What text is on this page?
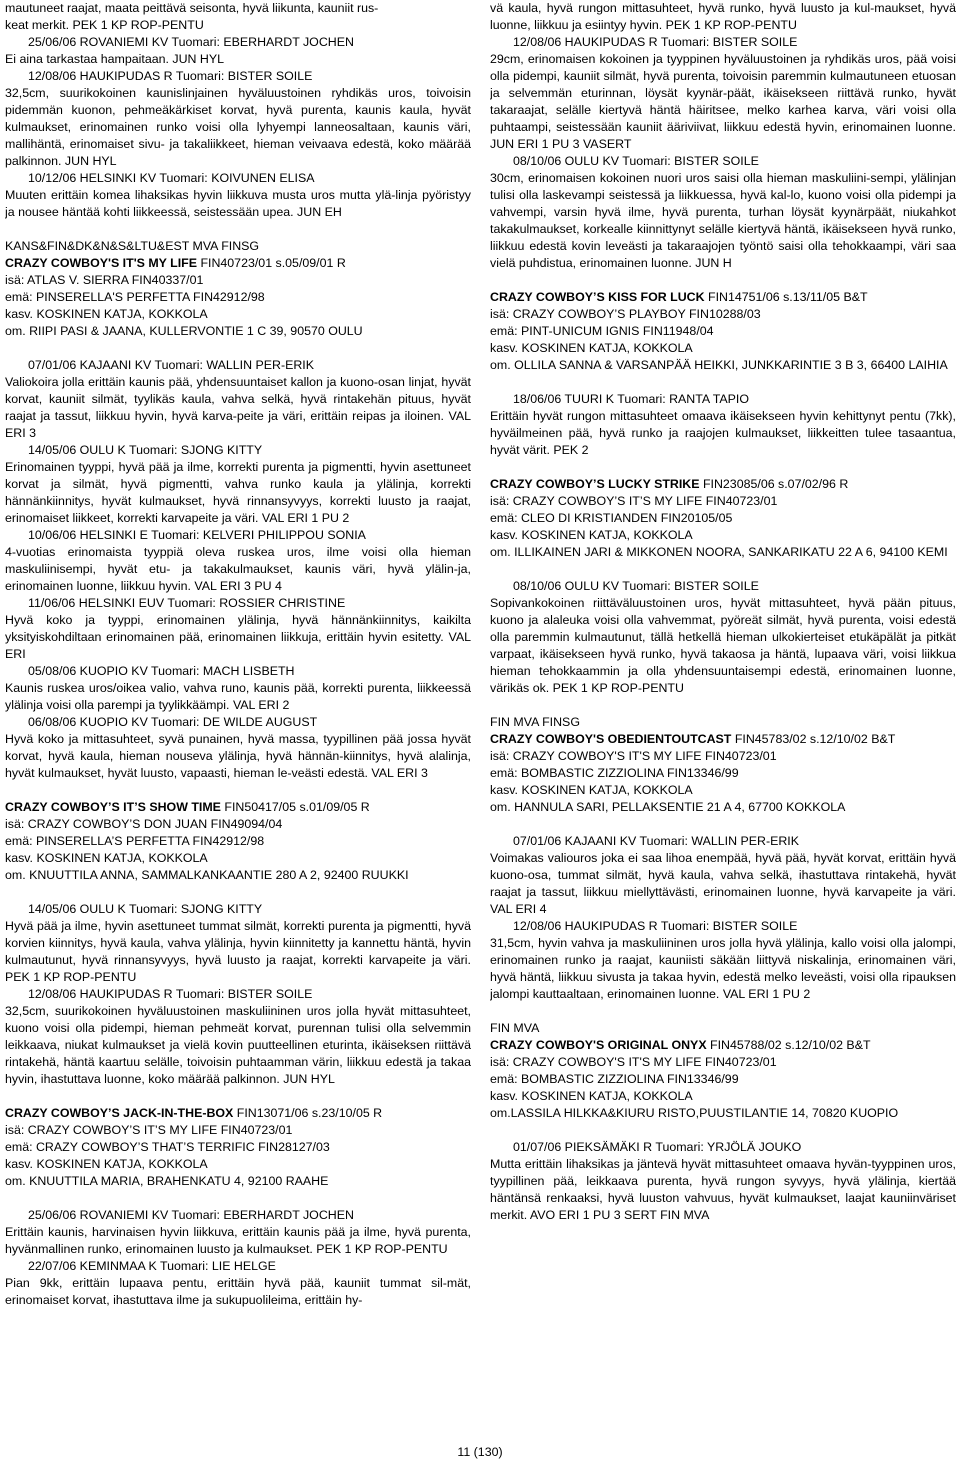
mautuneet raajat, maata peittävä seisonta, hyvä liikunta, kauniit rus-

keat merkit. PEK 1 KP ROP-PENTU

25/06/06 ROVANIEMI KV Tuomari: EBERHARDT JOCHEN

Ei aina tarkastaa hampaitaan. JUN HYL

12/08/06 HAUKIPUDAS R Tuomari: BISTER SOILE

32,5cm, suurikokoinen kaunislinjainen hyväluustoinen ryhdikäs uros, toivoisin pidemmän kuonon, pehmeäkärkiset korvat, hyvä purenta, kaunis kaula, hyvät kulmaukset, erinomainen runko voisi olla lyhyempi lanneosaltaan, kaunis väri, mallihäntä, erinomaiset sivu- ja takaliikkeet, hieman veivaava edestä, koko määrää palkinnon. JUN HYL

10/12/06 HELSINKI KV Tuomari: KOIVUNEN ELISA

Muuten erittäin komea lihaksikas hyvin liikkuva musta uros mutta ylä-linja pyöristyy ja nousee häntää kohti liikkeessä, seistessään upea. JUN EH

KANS&FIN&DK&N&S&LTU&EST MVA FINSG

CRAZY COWBOY'S IT'S MY LIFE FIN40723/01 s.05/09/01 R

isä: ATLAS V. SIERRA FIN40337/01

emä: PINSERELLA'S PERFETTA FIN42912/98

kasv. KOSKINEN KATJA, KOKKOLA

om. RIIPI PASI & JAANA, KULLERVONTIE 1 C 39, 90570 OULU

07/01/06 KAJAANI KV Tuomari: WALLIN PER-ERIK

Valiokoira jolla erittäin kaunis pää, yhdensuuntaiset kallon ja kuono-osan linjat, hyvät korvat, kauniit silmät, tyylikäs kaula, vahva selkä, hyvä rintakehän pituus, hyvät raajat ja tassut, liikkuu hyvin, hyvä karva-peite ja väri, erittäin reipas ja iloinen. VAL ERI 3

14/05/06 OULU K Tuomari: SJONG KITTY

Erinomainen tyyppi, hyvä pää ja ilme, korrekti purenta ja pigmentti, hyvin asettuneet korvat ja silmät, hyvä pigmentti, vahva runko kaula ja ylälinja, korrekti hännänkiinnitys, hyvät kulmaukset, hyvä rinnansyvyys, korrekti luusto ja raajat, erinomaiset liikkeet, korrekti karvapeite ja väri. VAL ERI 1 PU 2

10/06/06 HELSINKI E Tuomari: KELVERI PHILIPPOU SONIA

4-vuotias erinomaista tyyppiä oleva ruskea uros, ilme voisi olla hieman maskuliinisempi, hyvät etu- ja takakulmaukset, kaunis väri, hyvä ylälin-ja, erinomainen luonne, liikkuu hyvin. VAL ERI 3 PU 4

11/06/06 HELSINKI EUV Tuomari: ROSSIER CHRISTINE

Hyvä koko ja tyyppi, erinomainen ylälinja, hyvä hännänkiinnitys, kaikilta yksityiskohdiltaan erinomainen pää, erinomainen liikkuja, erittäin hyvin esitetty. VAL ERI

05/08/06 KUOPIO KV Tuomari: MACH LISBETH

Kaunis ruskea uros/oikea valio, vahva runo, kaunis pää, korrekti purenta, liikkeessä ylälinja voisi olla parempi ja tyylikkäämpi. VAL ERI 2

06/08/06 KUOPIO KV Tuomari: DE WILDE AUGUST

Hyvä koko ja mittasuhteet, syvä punainen, hyvä massa, tyypillinen pää jossa hyvät korvat, hyvä kaula, hieman nouseva ylälinja, hyvä hännän-kiinnitys, hyvä alalinja, hyvät kulmaukset, hyvät luusto, vapaasti, hieman le-veästi edestä. VAL ERI 3

CRAZY COWBOY’S IT’S SHOW TIME FIN50417/05 s.01/09/05 R

isä: CRAZY COWBOY’S DON JUAN FIN49094/04

emä: PINSERELLA’S PERFETTA FIN42912/98

kasv. KOSKINEN KATJA, KOKKOLA

om. KNUUTTILA ANNA, SAMMALKANKAANTIE 280 A 2, 92400 RUUKKI

14/05/06 OULU K Tuomari: SJONG KITTY

Hyvä pää ja ilme, hyvin asettuneet tummat silmät, korrekti purenta ja pigmentti, hyvä korvien kiinnitys, hyvä kaula, vahva ylälinja, hyvin kiinnitetty ja kannettu häntä, hyvin kulmautunut, hyvä rinnansyvyys, hyvä luusto ja raajat, korrekti karvapeite ja väri. PEK 1 KP ROP-PENTU

12/08/06 HAUKIPUDAS R Tuomari: BISTER SOILE

32,5cm, suurikokoinen hyväluustoinen maskuliininen uros jolla hyvät mittasuhteet, kuono voisi olla pidempi, hieman pehmeät korvat, purennan tulisi olla selvemmin leikkaava, niukat kulmaukset ja vielä kovin puutteellinen eturinta, ikäiseksen riittävä rintakehä, häntä kaartuu selälle, toivoisin puhtaamman värin, liikkuu edestä ja takaa hyvin, ihastuttava luonne, koko määrää palkinnon. JUN HYL

CRAZY COWBOY’S JACK-IN-THE-BOX FIN13071/06 s.23/10/05 R

isä: CRAZY COWBOY’S IT’S MY LIFE FIN40723/01

emä: CRAZY COWBOY’S THAT’S TERRIFIC FIN28127/03

kasv. KOSKINEN KATJA, KOKKOLA

om. KNUUTTILA MARIA, BRAHENKATU 4, 92100 RAAHE

25/06/06 ROVANIEMI KV Tuomari: EBERHARDT JOCHEN

Erittäin kaunis, harvinaisen hyvin liikkuva, erittäin kaunis pää ja ilme, hyvä purenta, hyvänmallinen runko, erinomainen luusto ja kulmaukset. PEK 1 KP ROP-PENTU

22/07/06 KEMINMAA K Tuomari: LIE HELGE

Pian 9kk, erittäin lupaava pentu, erittäin hyvä pää, kauniit tummat sil-mät, erinomaiset korvat, ihastuttava ilme ja sukupuolileima, erittäin hy-

vä kaula, hyvä rungon mittasuhteet, hyvä runko, hyvä luusto ja kul-maukset, hyvä luonne, liikkuu ja esiintyy hyvin. PEK 1 KP ROP-PENTU

12/08/06 HAUKIPUDAS R Tuomari: BISTER SOILE

29cm, erinomaisen kokoinen ja tyyppinen hyväluustoinen ja ryhdikäs uros, pää voisi olla pidempi, kauniit silmät, hyvä purenta, toivoisin paremmin kulmautuneen etuosan ja selvemmän eturinnan, löysät kyynär-päät, ikäisekseen riittävä runko, hyvät takaraajat, selälle kiertyvä häntä häiritsee, melko karhea karva, väri voisi olla puhtaampi, seistessään kauniit ääriviivat, liikkuu edestä hyvin, erinomainen luonne. JUN ERI 1 PU 3 VASERT

08/10/06 OULU KV Tuomari: BISTER SOILE

30cm, erinomaisen kokoinen nuori uros saisi olla hieman maskuliini-sempi, ylälinjan tulisi olla laskevampi seistessä ja liikkuessa, hyvä kal-lo, kuono voisi olla pidempi ja vahvempi, varsin hyvä ilme, hyvä purenta, turhan löysät kyynärpäät, niukahkot takakulmaukset, korkealle kiinnittynyt selälle kiertyvä häntä, ikäisekseen hyvä runko, liikkuu edestä kovin leveästi ja takaraajojen työntö saisi olla tehokkaampi, väri saa vielä puhdistua, erinomainen luonne. JUN H

CRAZY COWBOY’S KISS FOR LUCK FIN14751/06 s.13/11/05 B&T

isä: CRAZY COWBOY’S PLAYBOY FIN10288/03

emä: PINT-UNICUM IGNIS FIN11948/04

kasv. KOSKINEN KATJA, KOKKOLA

om. OLLILA SANNA & VARSANPÄÄ HEIKKI, JUNKKARINTIE 3 B 3, 66400 LAIHIA

18/06/06 TUURI K Tuomari: RANTA TAPIO

Erittäin hyvät rungon mittasuhteet omaava ikäisekseen hyvin kehittynyt pentu (7kk), hyväilmeinen pää, hyvä runko ja raajojen kulmaukset, liikkeitten tulee tasaantua, hyvät värit. PEK 2

CRAZY COWBOY’S LUCKY STRIKE FIN23085/06 s.07/02/96 R

isä: CRAZY COWBOY’S IT’S MY LIFE FIN40723/01

emä: CLEO DI KRISTIANDEN FIN20105/05

kasv. KOSKINEN KATJA, KOKKOLA

om. ILLIKAINEN JARI & MIKKONEN NOORA, SANKARIKATU 22 A 6, 94100 KEMI

08/10/06 OULU KV Tuomari: BISTER SOILE

Sopivankokoinen riittäväluustoinen uros, hyvät mittasuhteet, hyvä pään pituus, kuono ja alaleuka voisi olla vahvemmat, pyöreät silmät, hyvä purenta, voisi edestä olla paremmin kulmautunut, tällä hetkellä hieman ulkokierteiset etukäpälät ja pitkät varpaat, ikäisekseen hyvä runko, hyvä takaosa ja häntä, lupaava väri, voisi liikkua hieman tehokkaammin ja olla yhdensuuntaisempi edestä, erinomainen luonne, värikäs ok. PEK 1 KP ROP-PENTU

FIN MVA FINSG

CRAZY COWBOY'S OBEDIENTOUTCAST FIN45783/02 s.12/10/02 B&T

isä: CRAZY COWBOY'S IT'S MY LIFE FIN40723/01

emä: BOMBASTIC ZIZZIOLINA FIN13346/99

kasv. KOSKINEN KATJA, KOKKOLA

om. HANNULA SARI, PELLAKSENTIE 21 A 4, 67700 KOKKOLA

07/01/06 KAJAANI KV Tuomari: WALLIN PER-ERIK

Voimakas valiouros joka ei saa lihoa enempää, hyvä pää, hyvät korvat, erittäin hyvä kuono-osa, tummat silmät, hyvä kaula, vahva selkä, ihastuttava rintakehä, hyvät raajat ja tassut, liikkuu miellyttävästi, erinomainen luonne, hyvä karvapeite ja väri. VAL ERI 4

12/08/06 HAUKIPUDAS R Tuomari: BISTER SOILE

31,5cm, hyvin vahva ja maskuliininen uros jolla hyvä ylälinja, kallo voisi olla jalompi, erinomainen runko ja raajat, kauniisti säkään liittyvä niskalinja, erinomainen väri, hyvä häntä, liikkuu sivusta ja takaa hyvin, edestä melko leveästi, voisi olla ripauksen jalompi kauttaaltaan, erinomainen luonne. VAL ERI 1 PU 2

FIN MVA

CRAZY COWBOY'S ORIGINAL ONYX FIN45788/02 s.12/10/02 B&T

isä: CRAZY COWBOY'S IT'S MY LIFE FIN40723/01

emä: BOMBASTIC ZIZZIOLINA FIN13346/99

kasv. KOSKINEN KATJA, KOKKOLA

om.LASSILA HILKKA&KIURU RISTO,PUUSTILANTIE 14, 70820 KUOPIO

01/07/06 PIEKSÄMÄKI R Tuomari: YRJÖLÄ JOUKO

Mutta erittäin lihaksikas ja jäntevä hyvät mittasuhteet omaava hyvän-tyyppinen uros, tyypillinen pää, leikkaava purenta, hyvä rungon syvyys, hyvä ylälinja, kiertää häntänsä renkaaksi, hyvä luuston vahvuus, hyvät kulmaukset, laajat kauniinväriset merkit. AVO ERI 1 PU 3 SERT FIN MVA

11 (130)
